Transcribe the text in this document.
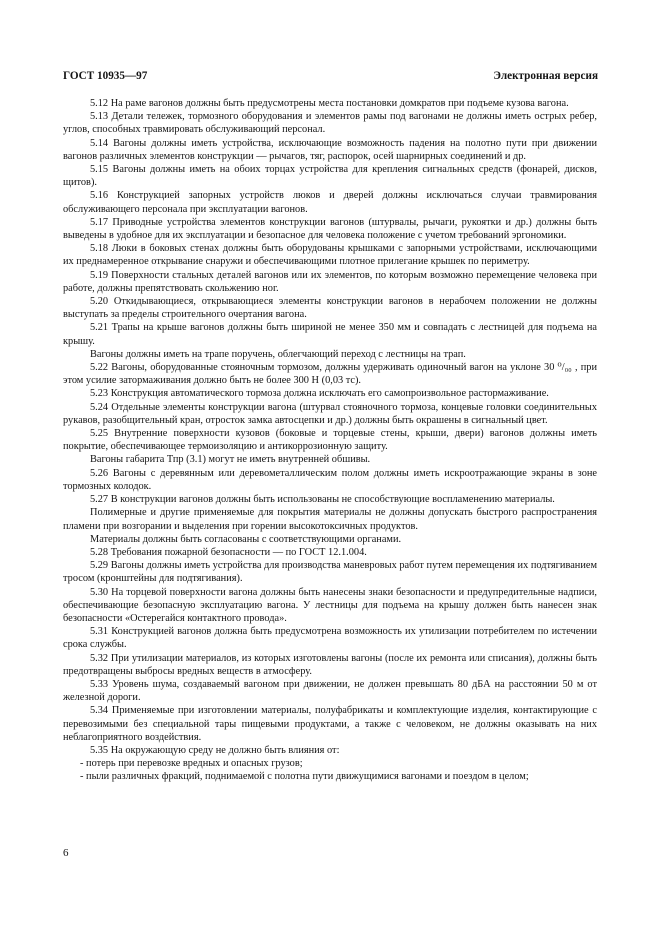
ГОСТ 10935—97	Электронная версия

5.12 На раме вагонов должны быть предусмотрены места постановки домкратов при подъеме кузова вагона.

5.13 Детали тележек, тормозного оборудования и элементов рамы под вагонами не должны иметь острых ребер, углов, способных травмировать обслуживающий персонал.

5.14 Вагоны должны иметь устройства, исключающие возможность падения на полотно пути при движении вагонов различных элементов конструкции — рычагов, тяг, распорок, осей шарнирных соединений и др.

5.15 Вагоны должны иметь на обоих торцах устройства для крепления сигнальных средств (фонарей, дисков, щитов).

5.16 Конструкцией запорных устройств люков и дверей должны исключаться случаи травмирования обслуживающего персонала при эксплуатации вагонов.

5.17 Приводные устройства элементов конструкции вагонов (штурвалы, рычаги, рукоятки и др.) должны быть выведены в удобное для их эксплуатации и безопасное для человека положение с учетом требований эргономики.

5.18 Люки в боковых стенах должны быть оборудованы крышками с запорными устройствами, исключающими их преднамеренное открывание снаружи и обеспечивающими плотное прилегание крышек по периметру.

5.19 Поверхности стальных деталей вагонов или их элементов, по которым возможно перемещение человека при работе, должны препятствовать скольжению ног.

5.20 Откидывающиеся, открывающиеся элементы конструкции вагонов в нерабочем положении не должны выступать за пределы строительного очертания вагона.

5.21 Трапы на крыше вагонов должны быть шириной не менее 350 мм и совпадать с лестницей для подъема на крышу.

Вагоны должны иметь на трапе поручень, облегчающий переход с лестницы на трап.

5.22 Вагоны, оборудованные стояночным тормозом, должны удерживать одиночный вагон на уклоне 30 ⁰/₀₀ , при этом усилие затормаживания должно быть не более 300 Н (0,03 тс).

5.23 Конструкция автоматического тормоза должна исключать его самопроизвольное растормаживание.

5.24 Отдельные элементы конструкции вагона (штурвал стояночного тормоза, концевые головки соединительных рукавов, разобщительный кран, отросток замка автосцепки и др.) должны быть окрашены в сигнальный цвет.

5.25 Внутренние поверхности кузовов (боковые и торцевые стены, крыши, двери) вагонов должны иметь покрытие, обеспечивающее термоизоляцию и антикоррозионную защиту.

Вагоны габарита Тпр (3.1) могут не иметь внутренней обшивы.

5.26 Вагоны с деревянным или деревометаллическим полом должны иметь искроотражающие экраны в зоне тормозных колодок.

5.27 В конструкции вагонов должны быть использованы не способствующие воспламенению материалы.

Полимерные и другие применяемые для покрытия материалы не должны допускать быстрого распространения пламени при возгорании и выделения при горении высокотоксичных продуктов.

Материалы должны быть согласованы с соответствующими органами.

5.28 Требования пожарной безопасности — по ГОСТ 12.1.004.

5.29 Вагоны должны иметь устройства для производства маневровых работ путем перемещения их подтягиванием тросом (кронштейны для подтягивания).

5.30 На торцевой поверхности вагона должны быть нанесены знаки безопасности и предупредительные надписи, обеспечивающие безопасную эксплуатацию вагона. У лестницы для подъема на крышу должен быть нанесен знак безопасности «Остерегайся контактного провода».

5.31 Конструкцией вагонов должна быть предусмотрена возможность их утилизации потребителем по истечении срока службы.

5.32 При утилизации материалов, из которых изготовлены вагоны (после их ремонта или списания), должны быть предотвращены выбросы вредных веществ в атмосферу.

5.33 Уровень шума, создаваемый вагоном при движении, не должен превышать 80 дБА на расстоянии 50 м от железной дороги.

5.34 Применяемые при изготовлении материалы, полуфабрикаты и комплектующие изделия, контактирующие с перевозимыми без специальной тары пищевыми продуктами, а также с человеком, не должны оказывать на них неблагоприятного воздействия.

5.35 На окружающую среду не должно быть влияния от:

- потерь при перевозке вредных и опасных грузов;

- пыли различных фракций, поднимаемой с полотна пути движущимися вагонами и поездом в целом;

6
